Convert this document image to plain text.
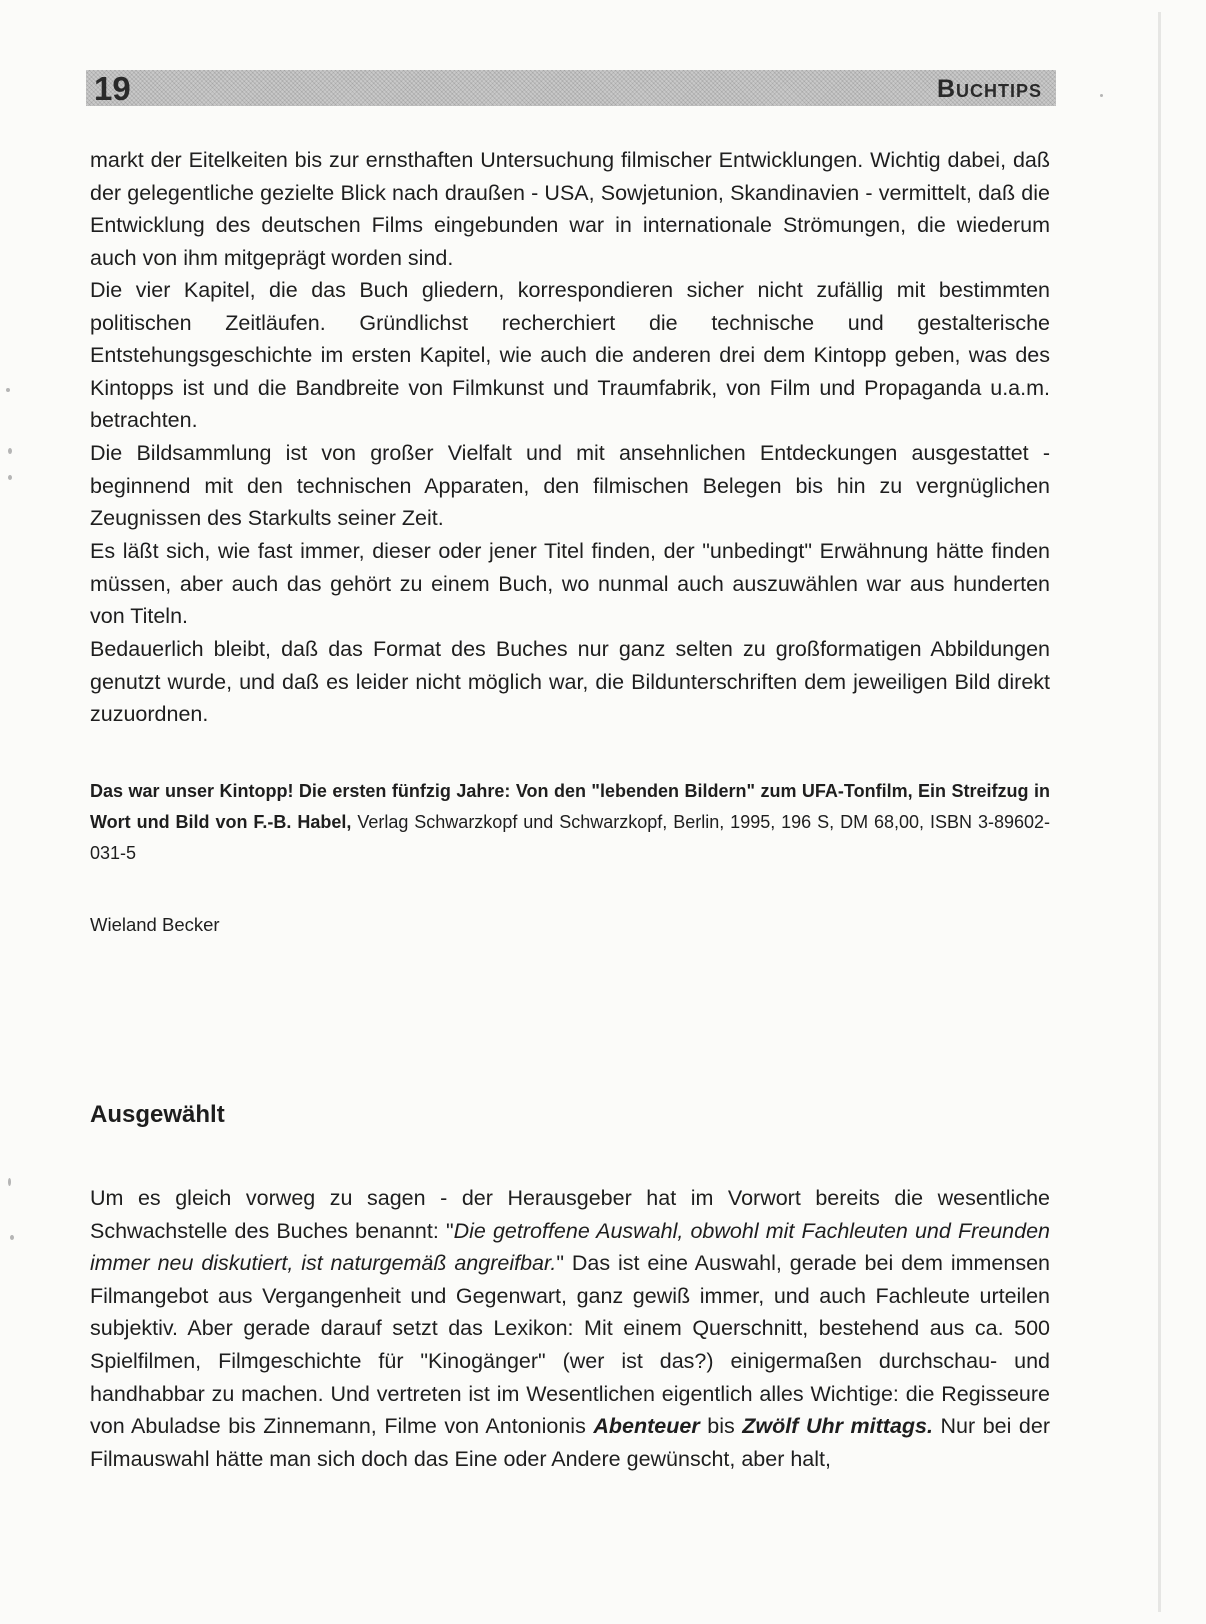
19	Buchtips

markt der Eitelkeiten bis zur ernsthaften Untersuchung filmischer Entwicklungen. Wichtig dabei, daß der gelegentliche gezielte Blick nach draußen - USA, Sowjetunion, Skandinavien - vermittelt, daß die Entwicklung des deutschen Films eingebunden war in internationale Strömungen, die wiederum auch von ihm mitgeprägt worden sind.

Die vier Kapitel, die das Buch gliedern, korrespondieren sicher nicht zufällig mit bestimmten politischen Zeitläufen. Gründlichst recherchiert die technische und gestalterische Entstehungsgeschichte im ersten Kapitel, wie auch die anderen drei dem Kintopp geben, was des Kintopps ist und die Bandbreite von Filmkunst und Traumfabrik, von Film und Propaganda u.a.m. betrachten.

Die Bildsammlung ist von großer Vielfalt und mit ansehnlichen Entdeckungen ausgestattet - beginnend mit den technischen Apparaten, den filmischen Belegen bis hin zu vergnüglichen Zeugnissen des Starkults seiner Zeit.

Es läßt sich, wie fast immer, dieser oder jener Titel finden, der "unbedingt" Erwähnung hätte finden müssen, aber auch das gehört zu einem Buch, wo nunmal auch auszuwählen war aus hunderten von Titeln.

Bedauerlich bleibt, daß das Format des Buches nur ganz selten zu großformatigen Abbildungen genutzt wurde, und daß es leider nicht möglich war, die Bildunterschriften dem jeweiligen Bild direkt zuzuordnen.

Das war unser Kintopp! Die ersten fünfzig Jahre: Von den "lebenden Bildern" zum UFA-Tonfilm, Ein Streifzug in Wort und Bild von F.-B. Habel, Verlag Schwarzkopf und Schwarzkopf, Berlin, 1995, 196 S, DM 68,00, ISBN 3-89602-031-5

Wieland Becker
Ausgewählt

Um es gleich vorweg zu sagen - der Herausgeber hat im Vorwort bereits die wesentliche Schwachstelle des Buches benannt: "Die getroffene Auswahl, obwohl mit Fachleuten und Freunden immer neu diskutiert, ist naturgemäß angreifbar." Das ist eine Auswahl, gerade bei dem immensen Filmangebot aus Vergangenheit und Gegenwart, ganz gewiß immer, und auch Fachleute urteilen subjektiv. Aber gerade darauf setzt das Lexikon: Mit einem Querschnitt, bestehend aus ca. 500 Spielfilmen, Filmgeschichte für "Kinogänger" (wer ist das?) einigermaßen durchschau- und handhabbar zu machen. Und vertreten ist im Wesentlichen eigentlich alles Wichtige: die Regisseure von Abuladse bis Zinnemann, Filme von Antonionis Abenteuer bis Zwölf Uhr mittags. Nur bei der Filmauswahl hätte man sich doch das Eine oder Andere gewünscht, aber halt,
